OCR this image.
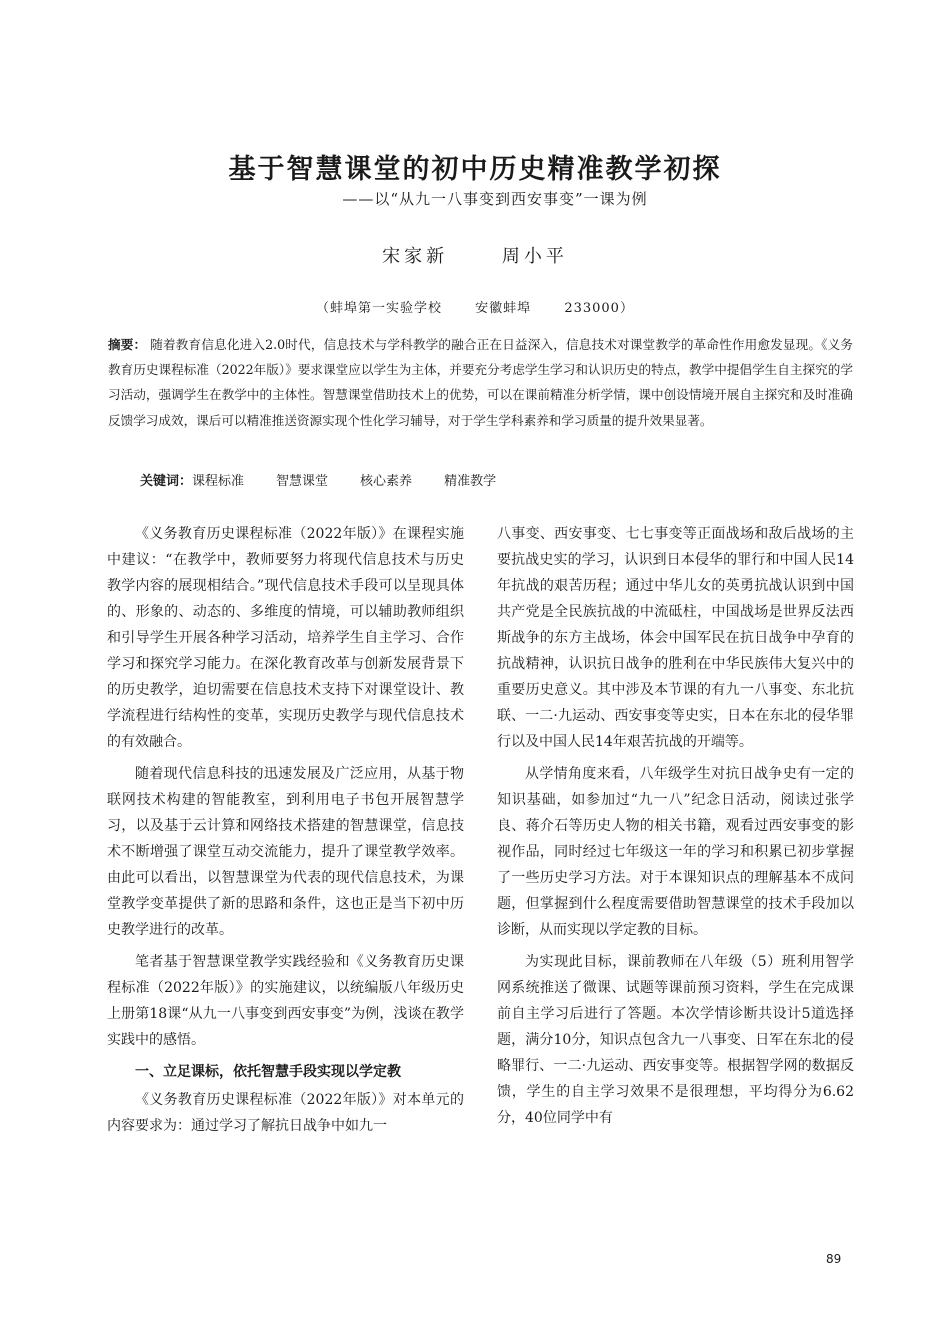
基于智慧课堂的初中历史精准教学初探
——以“从九一八事变到西安事变”一课为例
宋家新	周小平
（蚌埠第一实验学校	安徽蚌埠	233000）
摘要： 随着教育信息化进入2.0时代，信息技术与学科教学的融合正在日益深入，信息技术对课堂教学的革命性作用愈发显现。《义务教育历史课程标准（2022年版）》要求课堂应以学生为主体，并要充分考虑学生学习和认识历史的特点，教学中提倡学生自主探究的学习活动，强调学生在教学中的主体性。智慧课堂借助技术上的优势，可以在课前精准分析学情，课中创设情境开展自主探究和及时准确反馈学习成效，课后可以精准推送资源实现个性化学习辅导，对于学生学科素养和学习质量的提升效果显著。
关键词：课程标准 智慧课堂 核心素养 精准教学

《义务教育历史课程标准（2022年版）》在课程实施中建议：“在教学中，教师要努力将现代信息技术与历史教学内容的展现相结合。”现代信息技术手段可以呈现具体的、形象的、动态的、多维度的情境，可以辅助教师组织和引导学生开展各种学习活动，培养学生自主学习、合作学习和探究学习能力。在深化教育改革与创新发展背景下的历史教学，迫切需要在信息技术支持下对课堂设计、教学流程进行结构性的变革，实现历史教学与现代信息技术的有效融合。

随着现代信息科技的迅速发展及广泛应用，从基于物联网技术构建的智能教室，到利用电子书包开展智慧学习，以及基于云计算和网络技术搭建的智慧课堂，信息技术不断增强了课堂互动交流能力，提升了课堂教学效率。由此可以看出，以智慧课堂为代表的现代信息技术，为课堂教学变革提供了新的思路和条件，这也正是当下初中历史教学进行的改革。

笔者基于智慧课堂教学实践经验和《义务教育历史课程标准（2022年版）》的实施建议，以统编版八年级历史上册第18课“从九一八事变到西安事变”为例，浅谈在教学实践中的感悟。

一、立足课标，依托智慧手段实现以学定教

《义务教育历史课程标准（2022年版）》对本单元的内容要求为：通过学习了解抗日战争中如九一

八事变、西安事变、七七事变等正面战场和敌后战场的主要抗战史实的学习，认识到日本侵华的罪行和中国人民14年抗战的艰苦历程；通过中华儿女的英勇抗战认识到中国共产党是全民族抗战的中流砥柱，中国战场是世界反法西斯战争的东方主战场，体会中国军民在抗日战争中孕育的抗战精神，认识抗日战争的胜利在中华民族伟大复兴中的重要历史意义。其中涉及本节课的有九一八事变、东北抗联、一二·九运动、西安事变等史实，日本在东北的侵华罪行以及中国人民14年艰苦抗战的开端等。

从学情角度来看，八年级学生对抗日战争史有一定的知识基础，如参加过“九一八”纪念日活动，阅读过张学良、蒋介石等历史人物的相关书籍，观看过西安事变的影视作品，同时经过七年级这一年的学习和积累已初步掌握了一些历史学习方法。对于本课知识点的理解基本不成问题，但掌握到什么程度需要借助智慧课堂的技术手段加以诊断，从而实现以学定教的目标。

为实现此目标，课前教师在八年级（5）班利用智学网系统推送了微课、试题等课前预习资料，学生在完成课前自主学习后进行了答题。本次学情诊断共设计5道选择题，满分10分，知识点包含九一八事变、日军在东北的侵略罪行、一二·九运动、西安事变等。根据智学网的数据反馈，学生的自主学习效果不是很理想，平均得分为6.62分，40位同学中有

89
